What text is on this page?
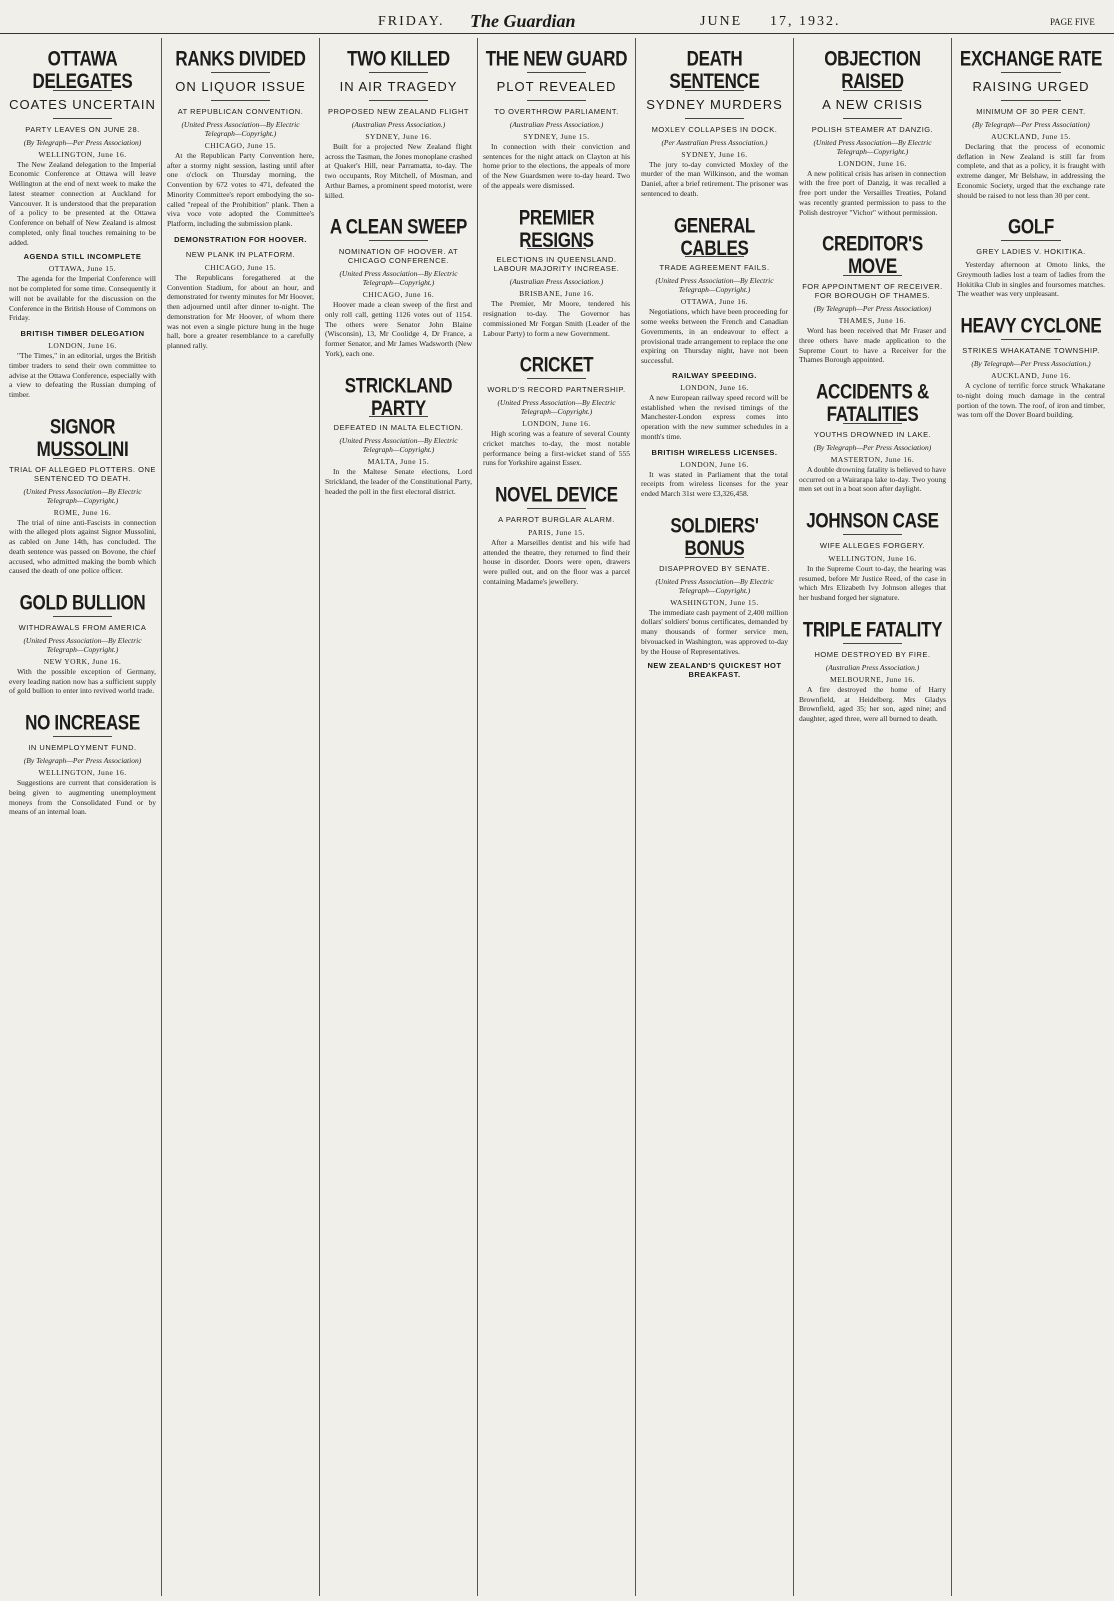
FRIDAY. The Guardian	JUNE 17, 1932.	PAGE FIVE
OTTAWA DELEGATES
COATES UNCERTAIN
PARTY LEAVES ON JUNE 28.
(By Telegraph—Per Press Association)
WELLINGTON, June 16.

The New Zealand delegation to the Imperial Economic Conference at Ottawa will leave Wellington at the end of next week to make the latest steamer connection at Auckland for Vancouver. It is understood that the preparation of a policy to be presented at the Ottawa Conference on behalf of New Zealand is almost completed, only final touches remaining to be added.

AGENDA STILL INCOMPLETE
OTTAWA, June 15.

The agenda for the Imperial Conference will not be completed for some time. Consequently it will not be available for the discussion on the Conference in the British House of Commons on Friday.

BRITISH TIMBER DELEGATION
LONDON, June 16.

"The Times," in an editorial, urges the British timber traders to send their own committee to advise at the Ottawa Conference, especially with a view to defeating the Russian dumping of timber.

SIGNOR MUSSOLINI
TRIAL OF ALLEGED PLOTTERS. ONE SENTENCED TO DEATH.
(United Press Association—By Electric Telegraph—Copyright.)
ROME, June 16.

The trial of nine anti-Fascists in connection with the alleged plots against Signor Mussolini, as cabled on June 14th, has concluded. The death sentence was passed on Bovone, the chief accused, who admitted making the bomb which caused the death of one police officer.

GOLD BULLION
WITHDRAWALS FROM AMERICA
(United Press Association—By Electric Telegraph—Copyright.)
NEW YORK, June 16.

With the possible exception of Germany, every leading nation now has a sufficient supply of gold bullion to enter into revived world trade.

NO INCREASE
IN UNEMPLOYMENT FUND.
(By Telegraph—Per Press Association)
WELLINGTON, June 16.

Suggestions are current that consideration is being given to augmenting unemployment moneys from the Consolidated Fund or by means of an internal loan.

RANKS DIVIDED
ON LIQUOR ISSUE
AT REPUBLICAN CONVENTION.
(United Press Association—By Electric Telegraph—Copyright.)
CHICAGO, June 15.

At the Republican Party Convention here, after a stormy night session, lasting until after one o'clock on Thursday morning, the Convention by 672 votes to 471, defeated the Minority Committee's report embodying the so-called "repeal of the Prohibition" plank. Then a viva voce vote adopted the Committee's Platform, including the submission plank.

DEMONSTRATION FOR HOOVER.
NEW PLANK IN PLATFORM.
CHICAGO, June 15.

The Republicans foregathered at the Convention Stadium, for about an hour, and demonstrated for twenty minutes for Mr Hoover, then adjourned until after dinner to-night. The demonstration for Mr Hoover, of whom there was not even a single picture hung in the huge hall, bore a greater resemblance to a carefully planned rally.

TWO KILLED
IN AIR TRAGEDY
PROPOSED NEW ZEALAND FLIGHT
(Australian Press Association.)
SYDNEY, June 16.

Built for a projected New Zealand flight across the Tasman, the Jones monoplane crashed at Quaker's Hill, near Parramatta, to-day. The two occupants, Roy Mitchell, of Mosman, and Arthur Barnes, a prominent speed motorist, were killed.

A CLEAN SWEEP
NOMINATION OF HOOVER. AT CHICAGO CONFERENCE.
(United Press Association—By Electric Telegraph—Copyright.)
CHICAGO, June 16.

Hoover made a clean sweep of the first and only roll call, getting 1126 votes out of 1154. The others were Senator John Blaine (Wisconsin), 13, Mr Coolidge 4, Dr France, a former Senator, and Mr James Wadsworth (New York), each one.

STRICKLAND PARTY
DEFEATED IN MALTA ELECTION.
(United Press Association—By Electric Telegraph—Copyright.)
MALTA, June 15.

In the Maltese Senate elections, Lord Strickland, the leader of the Constitutional Party, headed the poll in the first electoral district.

THE NEW GUARD
PLOT REVEALED
TO OVERTHROW PARLIAMENT.
(Australian Press Association.)
SYDNEY, June 15.

In connection with their conviction and sentences for the night attack on Clayton at his home prior to the elections, the appeals of more of the New Guardsmen were to-day heard. Two of the appeals were dismissed.

PREMIER RESIGNS
ELECTIONS IN QUEENSLAND. LABOUR MAJORITY INCREASE.
(Australian Press Association.)
BRISBANE, June 16.

The Premier, Mr Moore, tendered his resignation to-day. The Governor has commissioned Mr Forgan Smith (Leader of the Labour Party) to form a new Government.

CRICKET
WORLD'S RECORD PARTNERSHIP.
(United Press Association—By Electric Telegraph—Copyright.)
LONDON, June 16.

High scoring was a feature of several County cricket matches to-day, the most notable performance being a first-wicket stand of 555 runs for Yorkshire against Essex.

NOVEL DEVICE
A PARROT BURGLAR ALARM.
PARIS, June 15.

After a Marseilles dentist and his wife had attended the theatre, they returned to find their house in disorder. Doors were open, drawers were pulled out, and on the floor was a parcel containing Madame's jewellery.

DEATH SENTENCE
SYDNEY MURDERS
MOXLEY COLLAPSES IN DOCK.
(Per Australian Press Association.)
SYDNEY, June 16.

The jury to-day convicted Moxley of the murder of the man Wilkinson, and the woman Daniel, after a brief retirement. The prisoner was sentenced to death.

GENERAL CABLES
TRADE AGREEMENT FAILS.
(United Press Association—By Electric Telegraph—Copyright.)
OTTAWA, June 16.

Negotiations, which have been proceeding for some weeks between the French and Canadian Governments, in an endeavour to effect a provisional trade arrangement to replace the one expiring on Thursday night, have not been successful.

RAILWAY SPEEDING.
LONDON, June 16.

A new European railway speed record will be established when the revised timings of the Manchester-London express comes into operation with the new summer schedules in a month's time.

BRITISH WIRELESS LICENSES.
LONDON, June 16.

It was stated in Parliament that the total receipts from wireless licenses for the year ended March 31st were £3,326,458.

SOLDIERS' BONUS
DISAPPROVED BY SENATE.
(United Press Association—By Electric Telegraph—Copyright.)
WASHINGTON, June 15.

The immediate cash payment of 2,400 million dollars' soldiers' bonus certificates, demanded by many thousands of former service men, bivouacked in Washington, was approved to-day by the House of Representatives.

NEW ZEALAND'S QUICKEST HOT BREAKFAST.
OBJECTION RAISED
A NEW CRISIS
POLISH STEAMER AT DANZIG.
(United Press Association—By Electric Telegraph—Copyright.)
LONDON, June 16.

A new political crisis has arisen in connection with the free port of Danzig, it was recalled a free port under the Versailles Treaties, Poland was recently granted permission to pass to the Polish destroyer "Vichor" without permission.

CREDITOR'S MOVE
FOR APPOINTMENT OF RECEIVER. FOR BOROUGH OF THAMES.
(By Telegraph—Per Press Association)
THAMES, June 16.

Word has been received that Mr Fraser and three others have made application to the Supreme Court to have a Receiver for the Thames Borough appointed.

ACCIDENTS & FATALITIES
YOUTHS DROWNED IN LAKE.
(By Telegraph—Per Press Association)
MASTERTON, June 16.

A double drowning fatality is believed to have occurred on a Wairarapa lake to-day. Two young men set out in a boat soon after daylight.

JOHNSON CASE
WIFE ALLEGES FORGERY.
WELLINGTON, June 16.

In the Supreme Court to-day, the hearing was resumed, before Mr Justice Reed, of the case in which Mrs Elizabeth Ivy Johnson alleges that her husband forged her signature.

TRIPLE FATALITY
HOME DESTROYED BY FIRE.
(Australian Press Association.)
MELBOURNE, June 16.

A fire destroyed the home of Harry Brownfield, at Heidelberg. Mrs Gladys Brownfield, aged 35; her son, aged nine; and daughter, aged three, were all burned to death.

EXCHANGE RATE
RAISING URGED
MINIMUM OF 30 PER CENT.
(By Telegraph—Per Press Association)
AUCKLAND, June 15.

Declaring that the process of economic deflation in New Zealand is still far from complete, and that as a policy, it is fraught with extreme danger, Mr Belshaw, in addressing the Economic Society, urged that the exchange rate should be raised to not less than 30 per cent.

GOLF
GREY LADIES V. HOKITIKA.

Yesterday afternoon at Omoto links, the Greymouth ladies lost a team of ladies from the Hokitika Club in singles and foursomes matches. The weather was very unpleasant.

HEAVY CYCLONE
STRIKES WHAKATANE TOWNSHIP.
(By Telegraph—Per Press Association.)
AUCKLAND, June 16.

A cyclone of terrific force struck Whakatane to-night doing much damage in the central portion of the town. The roof, of iron and timber, was torn off the Dover Board building.
